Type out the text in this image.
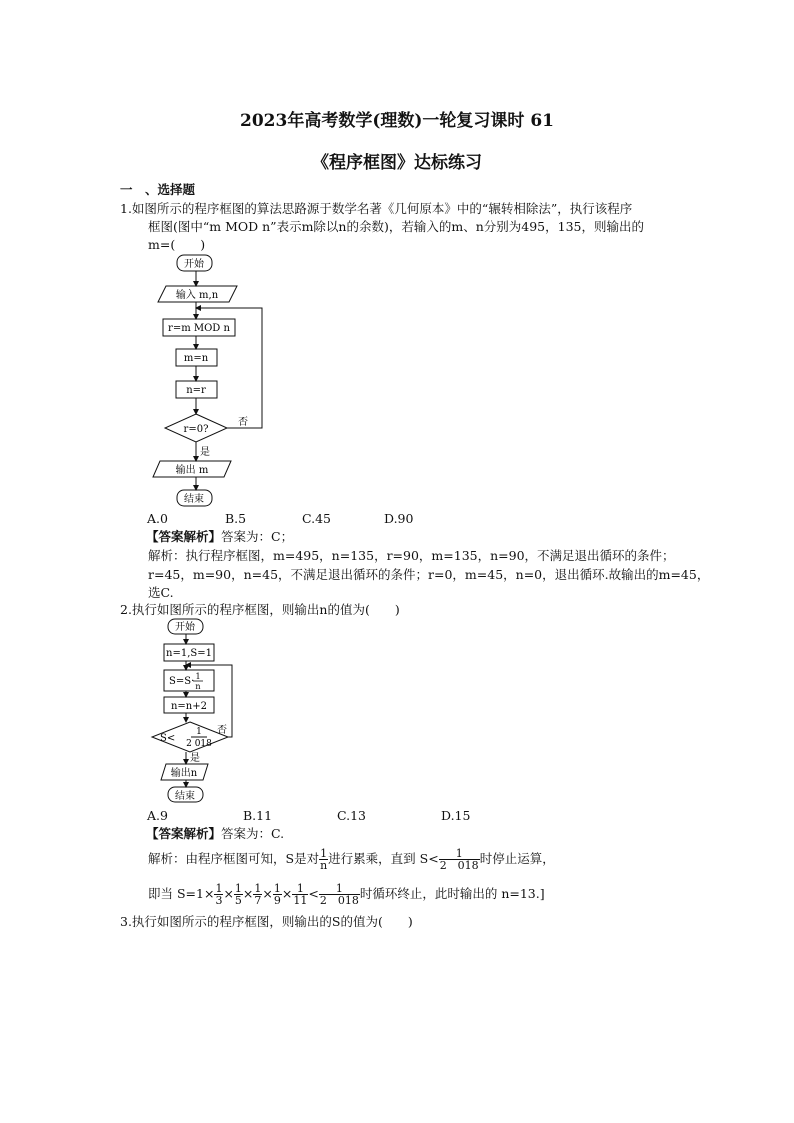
2023年高考数学(理数)一轮复习课时 61
《程序框图》达标练习
一　、选择题
1.如图所示的程序框图的算法思路源于数学名著《几何原本》中的“辗转相除法”，执行该程序
框图(图中“m MOD n”表示m除以n的余数)，若输入的m、n分别为495，135，则输出的
m=(　　)
开始
输入 m,n
r=m MOD n
m=n
n=r
r=0?
否
是
输出 m
结束
A.0	B.5	C.45	D.90
【答案解析】答案为：C；
解析：执行程序框图，m=495，n=135，r=90，m=135，n=90，不满足退出循环的条件；
r=45，m=90，n=45，不满足退出循环的条件；r=0，m=45，n=0，退出循环.故输出的m=45，
选C.
2.执行如图所示的程序框图，则输出n的值为(　　)
开始
n=1,S=1
S=S· 1
n
n=n+2
S<
1
2 018
否
是
输出n
结束
A.9	B.11	C.13	D.15
【答案解析】答案为：C.
解析：由程序框图可知，S是对 $\frac{1}{n}$ 进行累乘，直到 $S< \frac{1}{2 018}$ 时停止运算，
即当 $S=1\times \frac{1}{3} \times \frac{1}{5} \times \frac{1}{7} \times \frac{1}{9} \times \frac{1}{11} < \frac{1}{2 018}$ 时循环终止，此时输出的 n=13.]
3.执行如图所示的程序框图，则输出的S的值为(　　)
